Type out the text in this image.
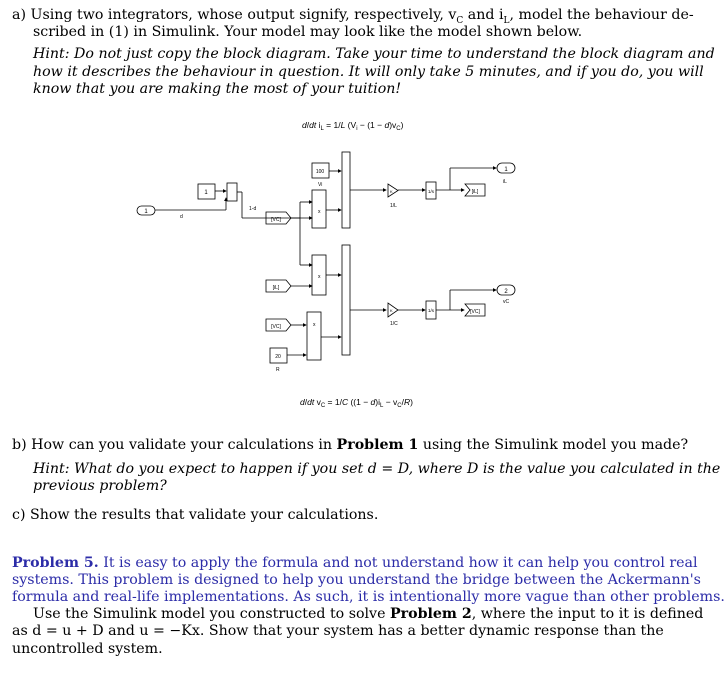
a) Using two integrators, whose output signify, respectively, $v_C$ and $i_L$, model the behaviour de-
scribed in (1) in Simulink. Your model may look like the model shown below.
Hint: Do not just copy the block diagram. Take your time to understand the block diagram and
how it describes the behaviour in question. It will only take 5 minutes, and if you do, you will
know that you are making the most of your tuition!
d/dt $i_L = 1/L$ $(V_i - (1 - d)v_C)$
1
1-d
1
d
100
Vi
[VC]
x
K
1/L
1/s	[iL]
1
iL
[iL]
x
K
1/C
1/s	[VC]
2
vC
[VC]	x
20
R
d/dt $v_C = 1/C$ $((1 - d)i_L - v_C/R)$
b) How can you validate your calculations in Problem 1 using the Simulink model you made?
Hint: What do you expect to happen if you set d = D, where D is the value you calculated in the
previous problem?
c) Show the results that validate your calculations.
Problem 5. It is easy to apply the formula and not understand how it can help you control real
systems. This problem is designed to help you understand the bridge between the Ackermann's
formula and real-life implementations. As such, it is intentionally more vague than other problems.
Use the Simulink model you constructed to solve Problem 2, where the input to it is defined
as d = u + D and u = −Kx. Show that your system has a better dynamic response than the
uncontrolled system.
